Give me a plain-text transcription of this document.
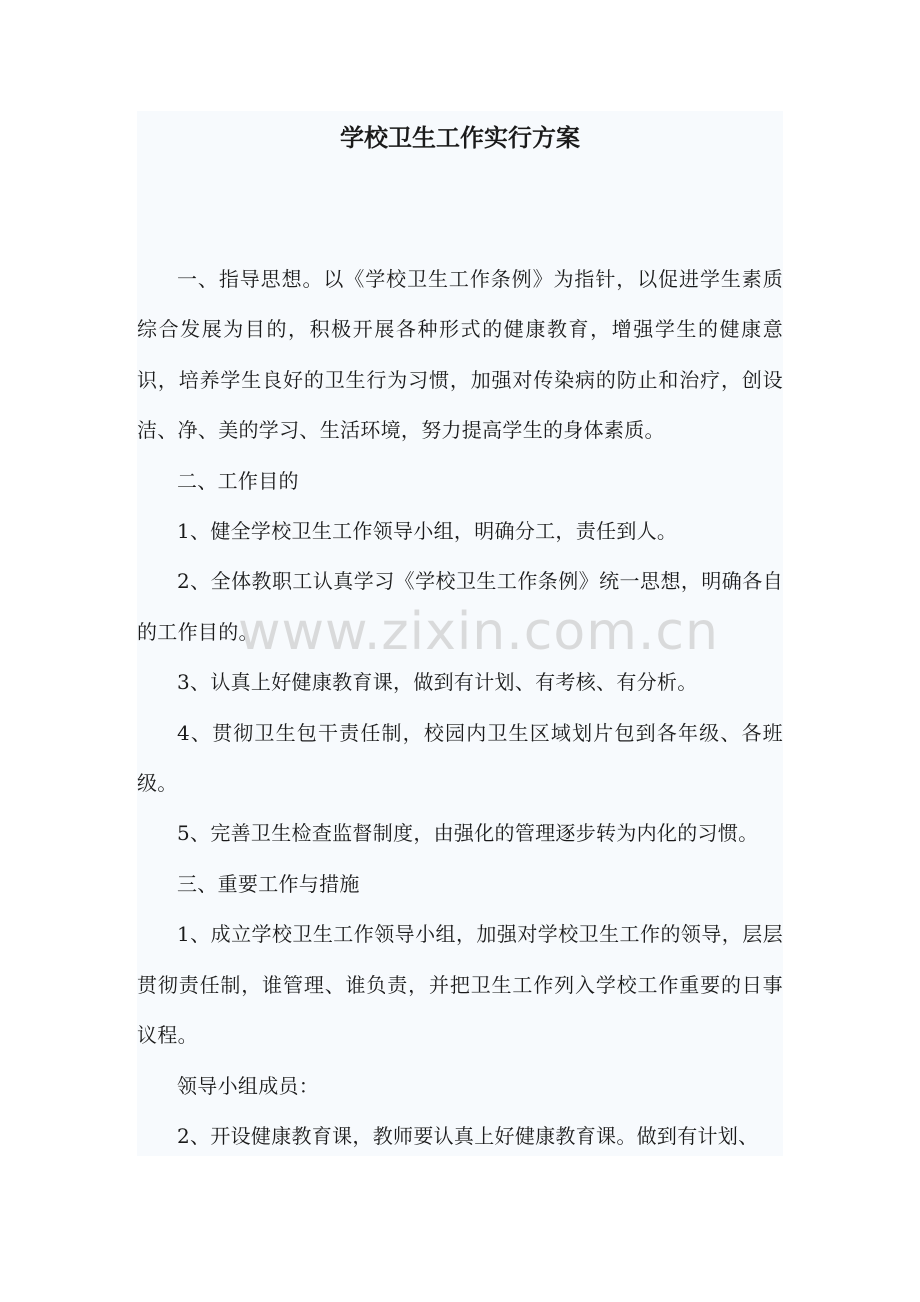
学校卫生工作实行方案

一、指导思想。以《学校卫生工作条例》为指针，以促进学生素质综合发展为目的，积极开展各种形式的健康教育，增强学生的健康意识，培养学生良好的卫生行为习惯，加强对传染病的防止和治疗，创设洁、净、美的学习、生活环境，努力提高学生的身体素质。

二、工作目的

1、健全学校卫生工作领导小组，明确分工，责任到人。

2、全体教职工认真学习《学校卫生工作条例》统一思想，明确各自的工作目的。

3、认真上好健康教育课，做到有计划、有考核、有分析。

4、贯彻卫生包干责任制，校园内卫生区域划片包到各年级、各班级。

5、完善卫生检查监督制度，由强化的管理逐步转为内化的习惯。

三、重要工作与措施

1、成立学校卫生工作领导小组，加强对学校卫生工作的领导，层层贯彻责任制，谁管理、谁负责，并把卫生工作列入学校工作重要的日事议程。

领导小组成员：

2、开设健康教育课，教师要认真上好健康教育课。做到有计划、

www.zixin.com.cn
